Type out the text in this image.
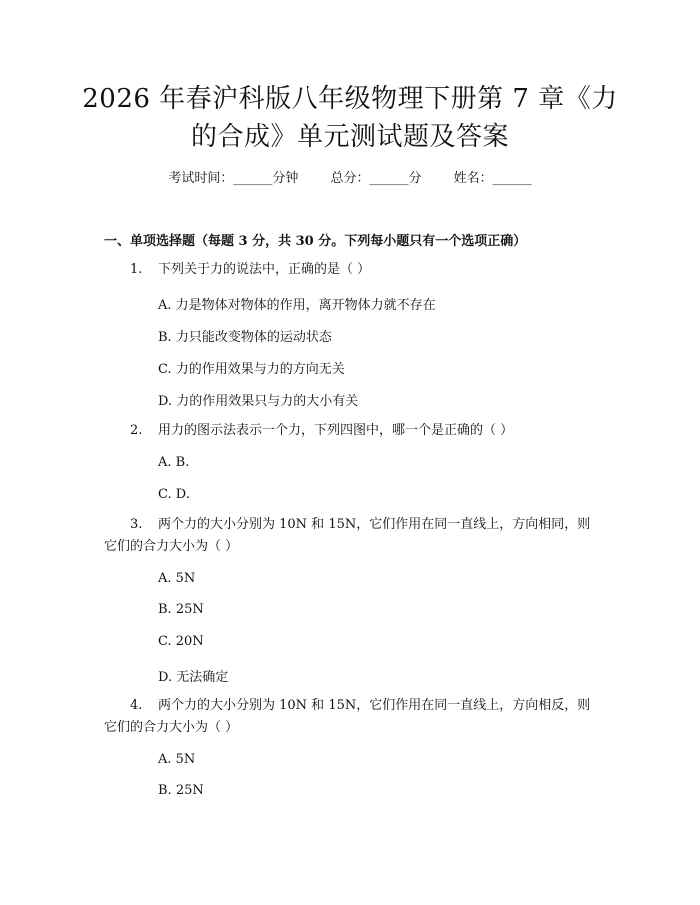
2026 年春沪科版八年级物理下册第 7 章《力
的合成》单元测试题及答案
考试时间：______分钟 总分：______分 姓名：______
一、单项选择题（每题 3 分，共 30 分。下列每小题只有一个选项正确）
1. 下列关于力的说法中，正确的是（ ）
A. 力是物体对物体的作用，离开物体力就不存在
B. 力只能改变物体的运动状态
C. 力的作用效果与力的方向无关
D. 力的作用效果只与力的大小有关
2. 用力的图示法表示一个力，下列四图中，哪一个是正确的（ ）
A. B.
C. D.
3. 两个力的大小分别为 10N 和 15N，它们作用在同一直线上，方向相同，则
它们的合力大小为（ ）
A. 5N
B. 25N
C. 20N
D. 无法确定
4. 两个力的大小分别为 10N 和 15N，它们作用在同一直线上，方向相反，则
它们的合力大小为（ ）
A. 5N
B. 25N
